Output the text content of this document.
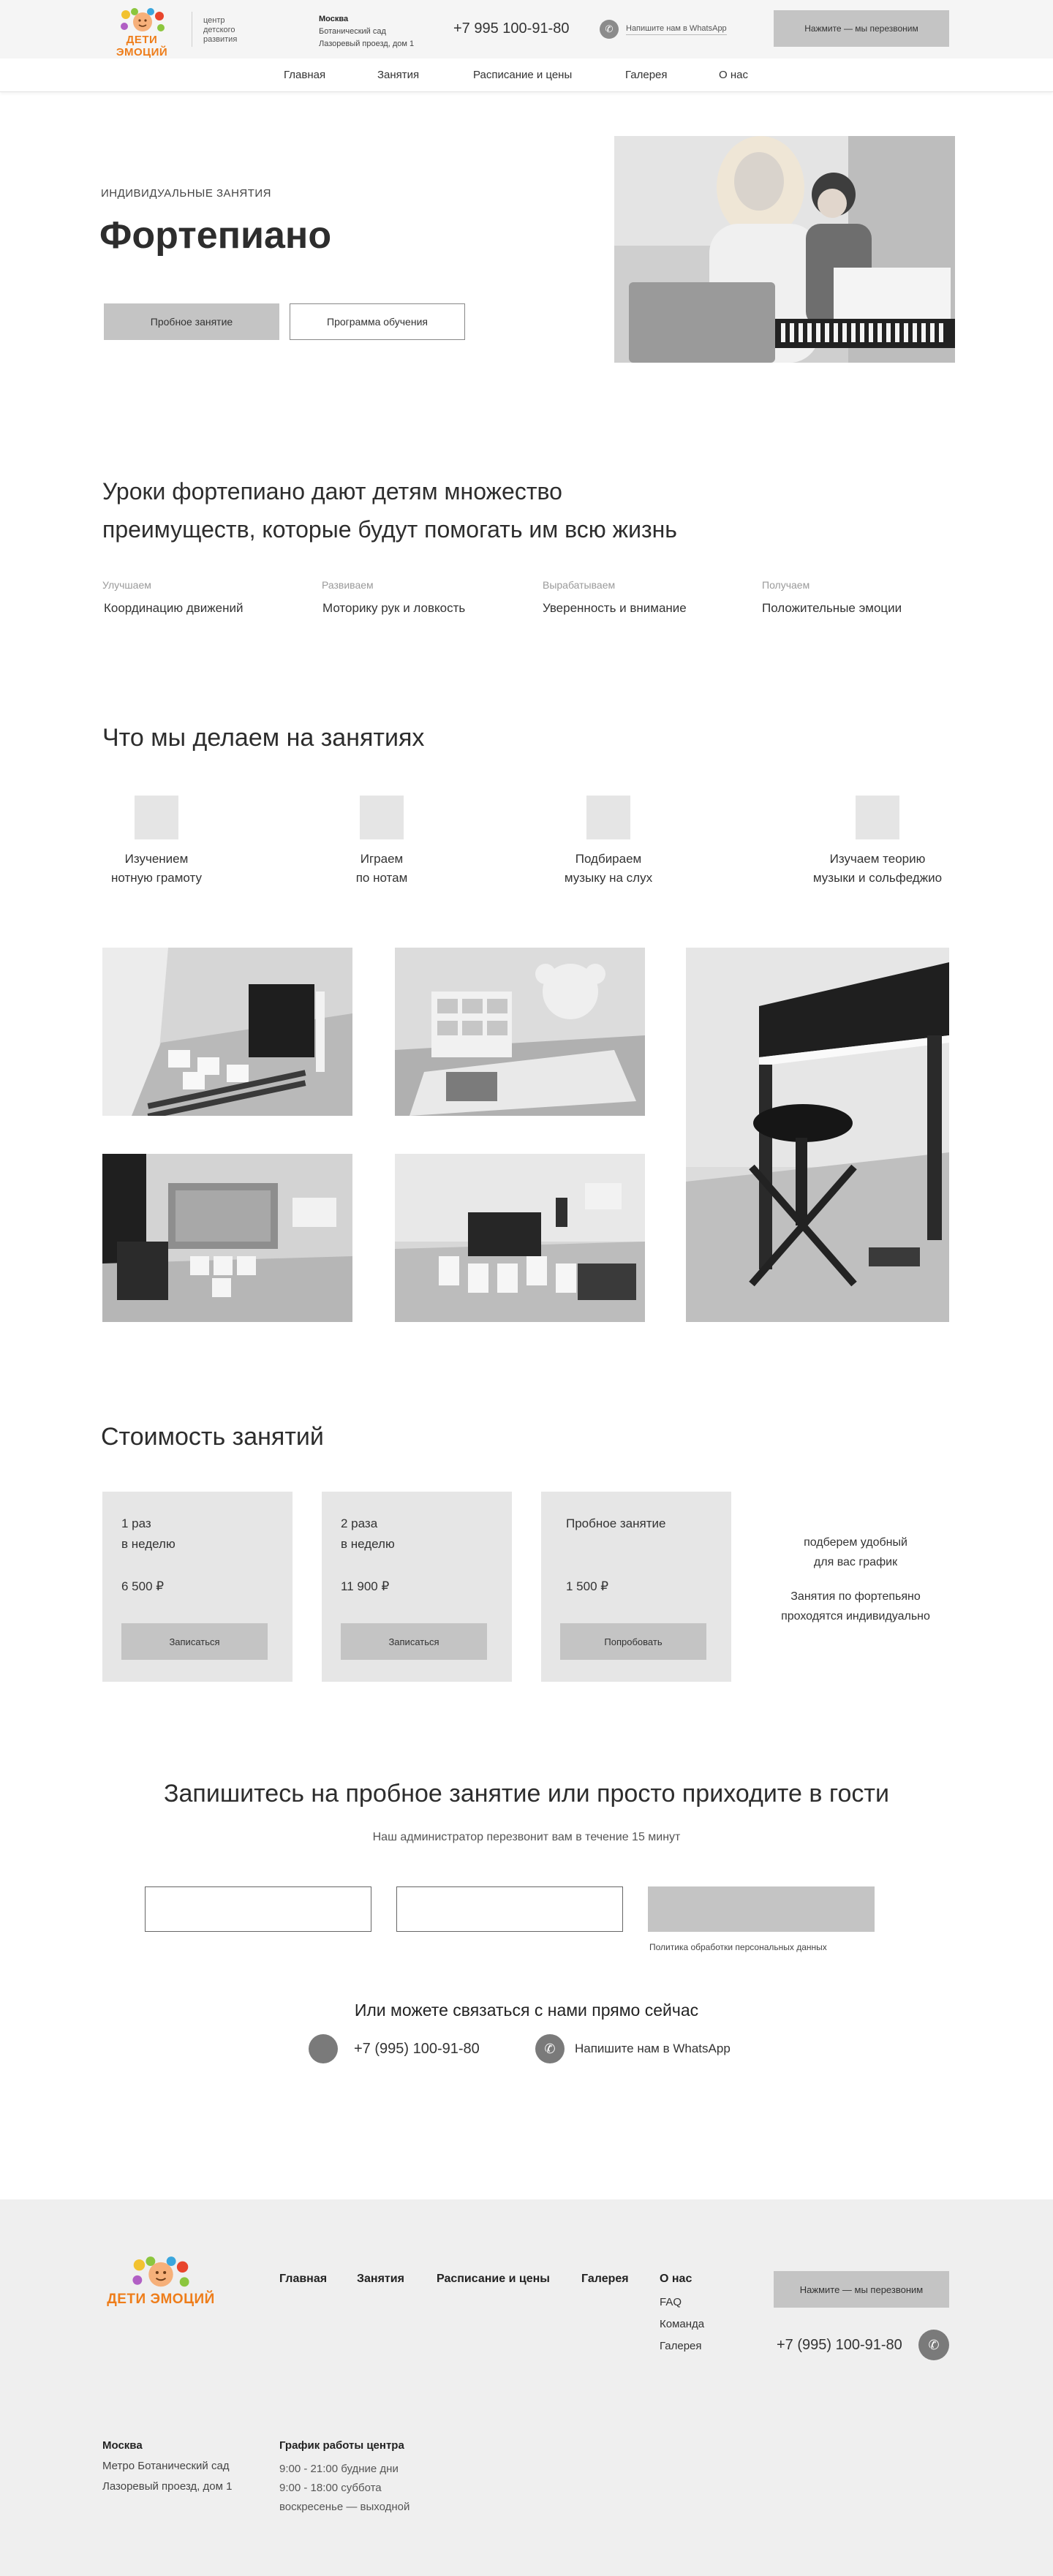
ДЕТИ ЭМОЦИЙ
центр
детского
развития
Москва
Ботанический сад
Лазоревый проезд, дом 1
+7 995 100-91-80	✆	Напишите нам в WhatsApp	Нажмите — мы перезвоним
Главная	Занятия	Расписание и цены	Галерея	О нас
ИНДИВИДУАЛЬНЫЕ ЗАНЯТИЯ
Фортепиано
Пробное занятие	Программа обучения
Уроки фортепиано дают детям множество
преимуществ, которые будут помогать им всю жизнь
Улучшаем
Координацию движений
Развиваем
Моторику рук и ловкость
Вырабатываем
Уверенность и внимание
Получаем
Положительные эмоции
Что мы делаем на занятиях
Изучением
нотную грамоту
Играем
по нотам
Подбираем
музыку на слух
Изучаем теорию
музыки и сольфеджио
Стоимость занятий
1 раз
в неделю
6 500 ₽
Записаться
2 раза
в неделю
11 900 ₽
Записаться
Пробное занятие
1 500 ₽
Попробовать
подберем удобный
для вас график
Занятия по фортепьяно
проходятся индивидуально
Запишитесь на пробное занятие или просто приходите в гости
Наш администратор перезвонит вам в течение 15 минут
Политика обработки персональных данных
Или можете связаться с нами прямо сейчас
+7 (995) 100-91-80	✆	Напишите нам в WhatsApp
ДЕТИ ЭМОЦИЙ
Главная	Занятия	Расписание и цены	Галерея	О нас
FAQ
Команда
Галерея
Нажмите — мы перезвоним
+7 (995) 100-91-80	✆
Москва
Метро Ботанический сад
Лазоревый проезд, дом 1
График работы центра
9:00 - 21:00 будние дни
9:00 - 18:00 суббота
воскресенье — выходной
